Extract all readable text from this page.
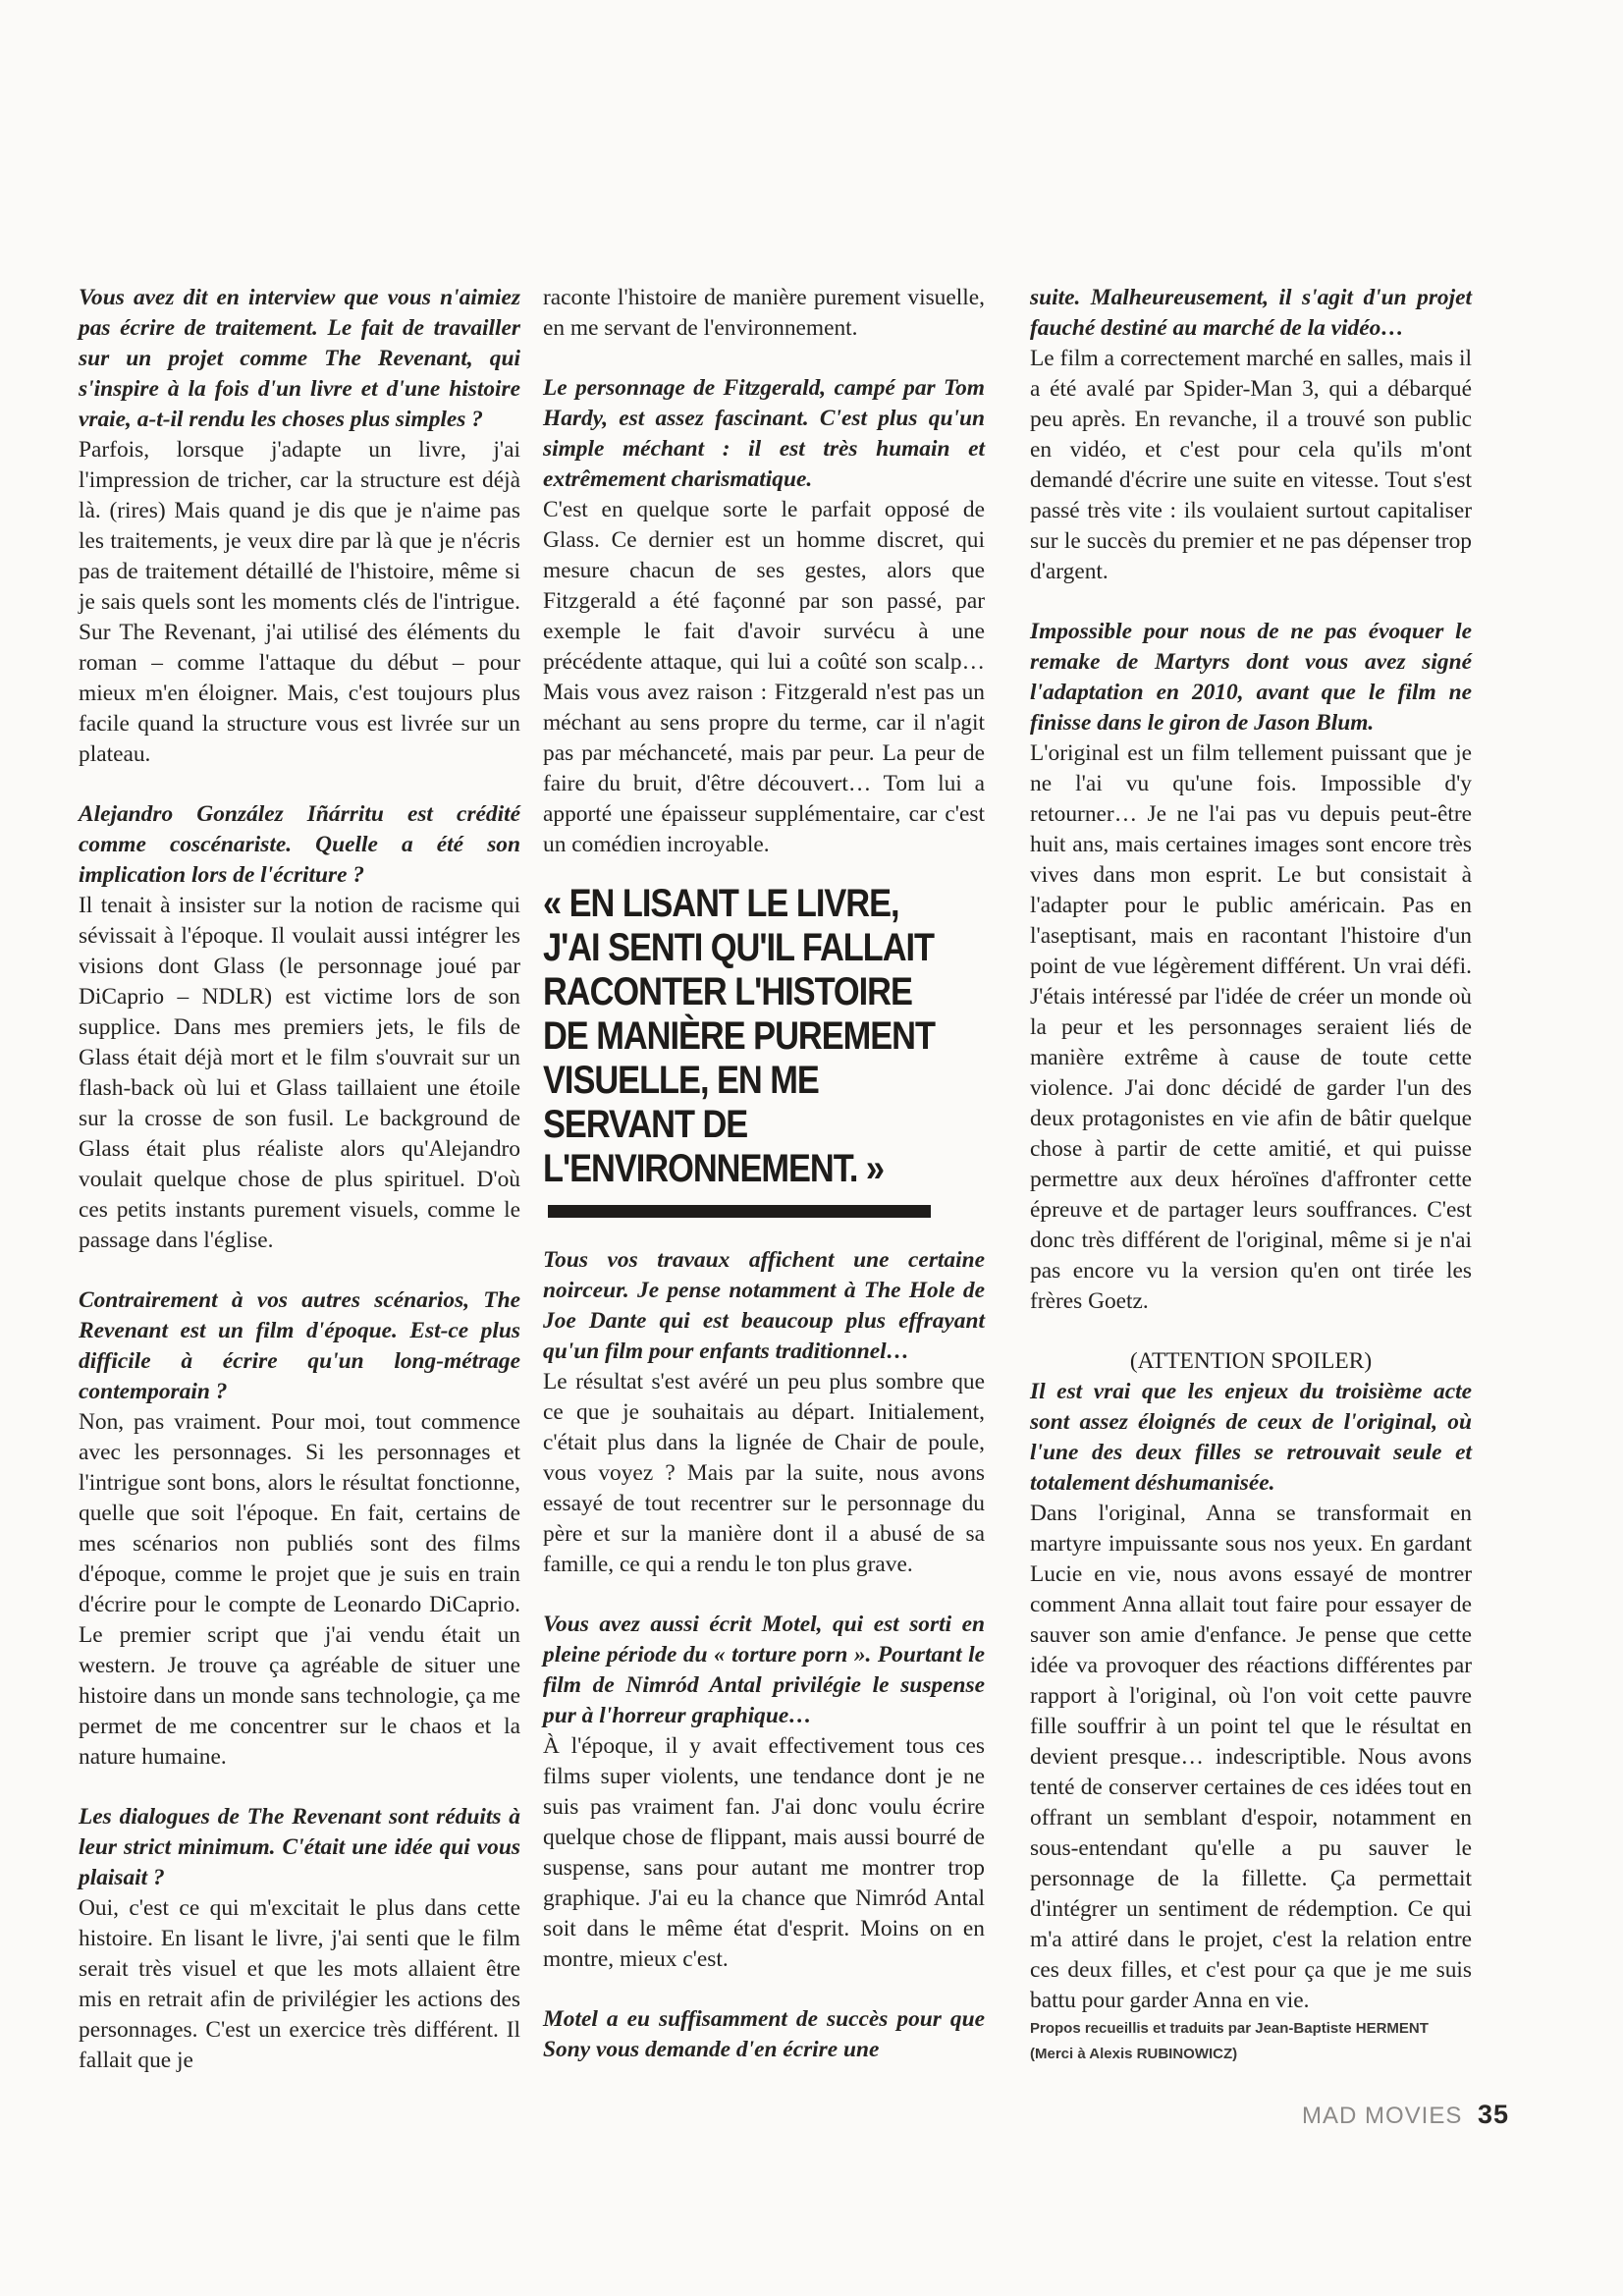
Vous avez dit en interview que vous n'aimiez pas écrire de traitement. Le fait de travailler sur un projet comme The Revenant, qui s'inspire à la fois d'un livre et d'une histoire vraie, a-t-il rendu les choses plus simples ?

Parfois, lorsque j'adapte un livre, j'ai l'impression de tricher, car la structure est déjà là. (rires) Mais quand je dis que je n'aime pas les traitements, je veux dire par là que je n'écris pas de traitement détaillé de l'histoire, même si je sais quels sont les moments clés de l'intrigue. Sur The Revenant, j'ai utilisé des éléments du roman – comme l'attaque du début – pour mieux m'en éloigner. Mais, c'est toujours plus facile quand la structure vous est livrée sur un plateau.

Alejandro González Iñárritu est crédité comme coscénariste. Quelle a été son implication lors de l'écriture ?

Il tenait à insister sur la notion de racisme qui sévissait à l'époque. Il voulait aussi intégrer les visions dont Glass (le personnage joué par DiCaprio – NDLR) est victime lors de son supplice. Dans mes premiers jets, le fils de Glass était déjà mort et le film s'ouvrait sur un flash-back où lui et Glass taillaient une étoile sur la crosse de son fusil. Le background de Glass était plus réaliste alors qu'Alejandro voulait quelque chose de plus spirituel. D'où ces petits instants purement visuels, comme le passage dans l'église.

Contrairement à vos autres scénarios, The Revenant est un film d'époque. Est-ce plus difficile à écrire qu'un long-métrage contemporain ?

Non, pas vraiment. Pour moi, tout commence avec les personnages. Si les personnages et l'intrigue sont bons, alors le résultat fonctionne, quelle que soit l'époque. En fait, certains de mes scénarios non publiés sont des films d'époque, comme le projet que je suis en train d'écrire pour le compte de Leonardo DiCaprio. Le premier script que j'ai vendu était un western. Je trouve ça agréable de situer une histoire dans un monde sans technologie, ça me permet de me concentrer sur le chaos et la nature humaine.

Les dialogues de The Revenant sont réduits à leur strict minimum. C'était une idée qui vous plaisait ?

Oui, c'est ce qui m'excitait le plus dans cette histoire. En lisant le livre, j'ai senti que le film serait très visuel et que les mots allaient être mis en retrait afin de privilégier les actions des personnages. C'est un exercice très différent. Il fallait que je

raconte l'histoire de manière purement visuelle, en me servant de l'environnement.

Le personnage de Fitzgerald, campé par Tom Hardy, est assez fascinant. C'est plus qu'un simple méchant : il est très humain et extrêmement charismatique.

C'est en quelque sorte le parfait opposé de Glass. Ce dernier est un homme discret, qui mesure chacun de ses gestes, alors que Fitzgerald a été façonné par son passé, par exemple le fait d'avoir survécu à une précédente attaque, qui lui a coûté son scalp… Mais vous avez raison : Fitzgerald n'est pas un méchant au sens propre du terme, car il n'agit pas par méchanceté, mais par peur. La peur de faire du bruit, d'être découvert… Tom lui a apporté une épaisseur supplémentaire, car c'est un comédien incroyable.

« EN LISANT LE LIVRE, J'AI SENTI QU'IL FALLAIT RACONTER L'HISTOIRE DE MANIÈRE PUREMENT VISUELLE, EN ME SERVANT DE L'ENVIRONNEMENT. »

Tous vos travaux affichent une certaine noirceur. Je pense notamment à The Hole de Joe Dante qui est beaucoup plus effrayant qu'un film pour enfants traditionnel…

Le résultat s'est avéré un peu plus sombre que ce que je souhaitais au départ. Initialement, c'était plus dans la lignée de Chair de poule, vous voyez ? Mais par la suite, nous avons essayé de tout recentrer sur le personnage du père et sur la manière dont il a abusé de sa famille, ce qui a rendu le ton plus grave.

Vous avez aussi écrit Motel, qui est sorti en pleine période du « torture porn ». Pourtant le film de Nimród Antal privilégie le suspense pur à l'horreur graphique…

À l'époque, il y avait effectivement tous ces films super violents, une tendance dont je ne suis pas vraiment fan. J'ai donc voulu écrire quelque chose de flippant, mais aussi bourré de suspense, sans pour autant me montrer trop graphique. J'ai eu la chance que Nimród Antal soit dans le même état d'esprit. Moins on en montre, mieux c'est.

Motel a eu suffisamment de succès pour que Sony vous demande d'en écrire une

suite. Malheureusement, il s'agit d'un projet fauché destiné au marché de la vidéo…

Le film a correctement marché en salles, mais il a été avalé par Spider-Man 3, qui a débarqué peu après. En revanche, il a trouvé son public en vidéo, et c'est pour cela qu'ils m'ont demandé d'écrire une suite en vitesse. Tout s'est passé très vite : ils voulaient surtout capitaliser sur le succès du premier et ne pas dépenser trop d'argent.

Impossible pour nous de ne pas évoquer le remake de Martyrs dont vous avez signé l'adaptation en 2010, avant que le film ne finisse dans le giron de Jason Blum.

L'original est un film tellement puissant que je ne l'ai vu qu'une fois. Impossible d'y retourner… Je ne l'ai pas vu depuis peut-être huit ans, mais certaines images sont encore très vives dans mon esprit. Le but consistait à l'adapter pour le public américain. Pas en l'aseptisant, mais en racontant l'histoire d'un point de vue légèrement différent. Un vrai défi. J'étais intéressé par l'idée de créer un monde où la peur et les personnages seraient liés de manière extrême à cause de toute cette violence. J'ai donc décidé de garder l'un des deux protagonistes en vie afin de bâtir quelque chose à partir de cette amitié, et qui puisse permettre aux deux héroïnes d'affronter cette épreuve et de partager leurs souffrances. C'est donc très différent de l'original, même si je n'ai pas encore vu la version qu'en ont tirée les frères Goetz.

(ATTENTION SPOILER)

Il est vrai que les enjeux du troisième acte sont assez éloignés de ceux de l'original, où l'une des deux filles se retrouvait seule et totalement déshumanisée.

Dans l'original, Anna se transformait en martyre impuissante sous nos yeux. En gardant Lucie en vie, nous avons essayé de montrer comment Anna allait tout faire pour essayer de sauver son amie d'enfance. Je pense que cette idée va provoquer des réactions différentes par rapport à l'original, où l'on voit cette pauvre fille souffrir à un point tel que le résultat en devient presque… indescriptible. Nous avons tenté de conserver certaines de ces idées tout en offrant un semblant d'espoir, notamment en sous-entendant qu'elle a pu sauver le personnage de la fillette. Ça permettait d'intégrer un sentiment de rédemption. Ce qui m'a attiré dans le projet, c'est la relation entre ces deux filles, et c'est pour ça que je me suis battu pour garder Anna en vie.

Propos recueillis et traduits par Jean-Baptiste HERMENT
(Merci à Alexis RUBINOWICZ)
MAD MOVIES 35
